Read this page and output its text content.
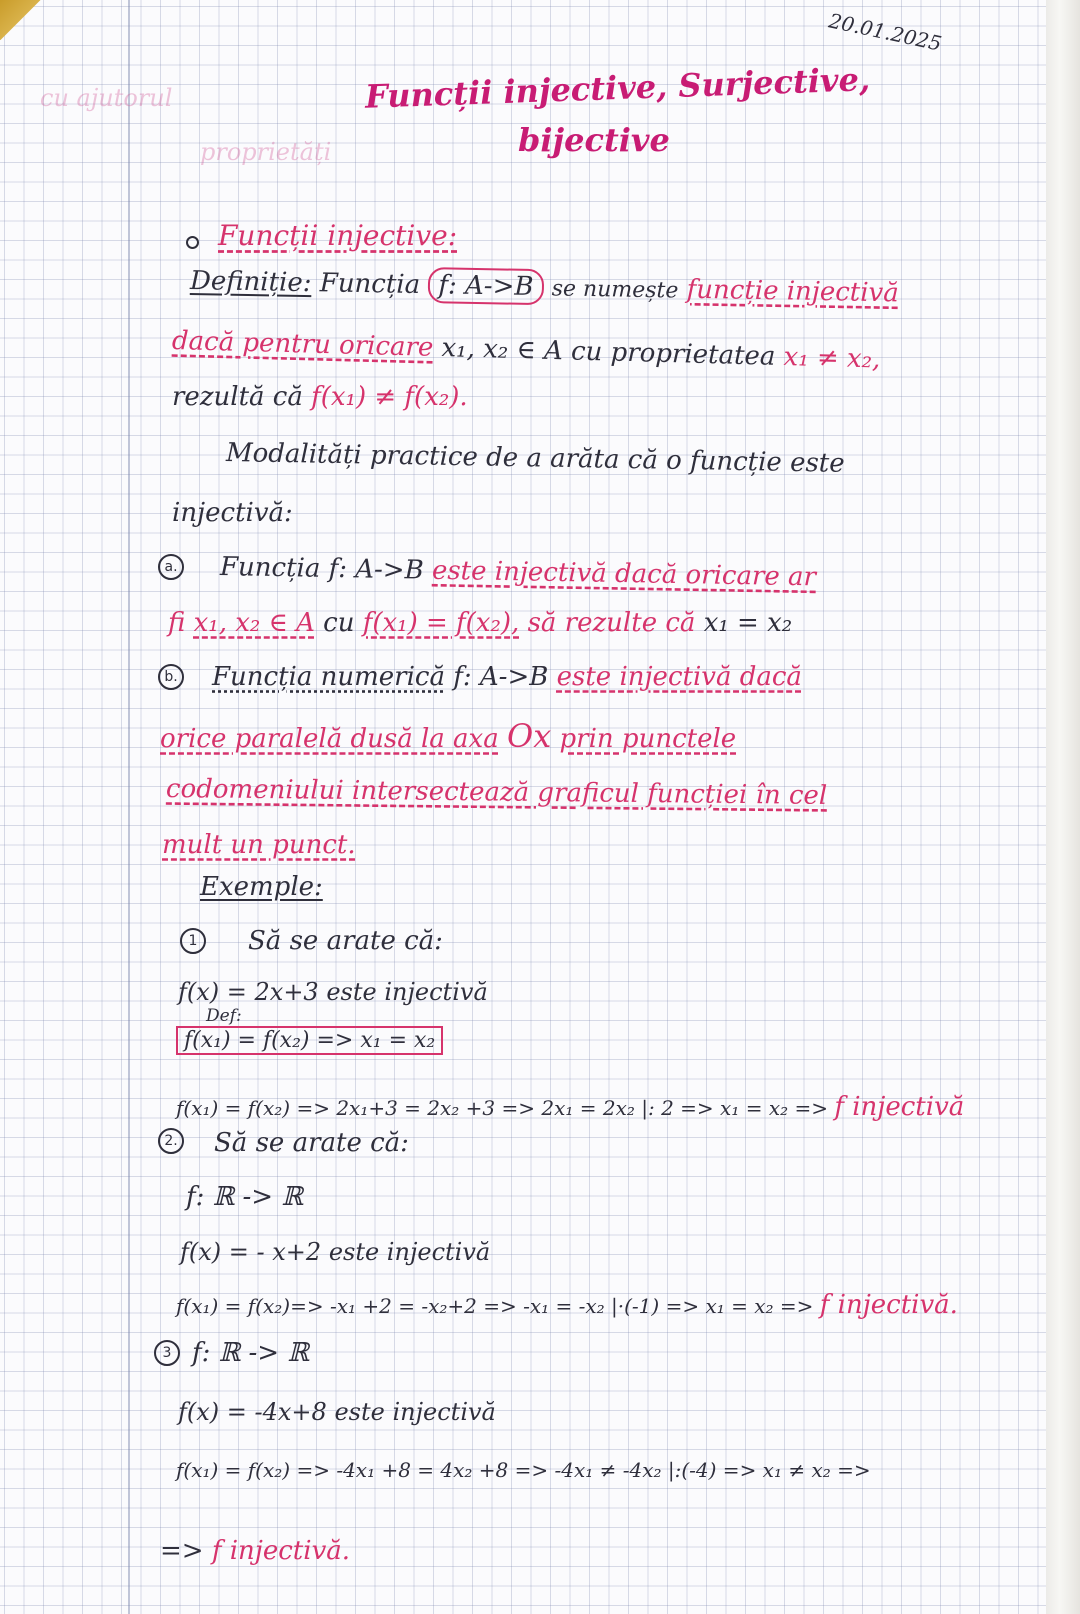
20.01.2025
cu ajutorul
proprietăți
Funcții injective, Surjective,
bijective
Funcții injective:
Definiție: Funcția f: A->B se numește funcție injectivă
dacă pentru oricare x₁, x₂ ∈ A cu proprietatea x₁ ≠ x₂,
rezultă că f(x₁) ≠ f(x₂).
Modalități practice de a arăta că o funcție este
injectivă:
a. Funcția f: A->B este injectivă dacă oricare ar
fi x₁, x₂ ∈ A cu f(x₁) = f(x₂), să rezulte că x₁ = x₂
b. Funcția numerică f: A->B este injectivă dacă
orice paralelă dusă la axa Ox prin punctele
codomeniului intersectează graficul funcției în cel
mult un punct.
Exemple:
1	Să se arate că:
f(x) = 2x+3 este injectivă
Def:
f(x₁) = f(x₂) => x₁ = x₂
f(x₁) = f(x₂) => 2x₁+3 = 2x₂ +3 => 2x₁ = 2x₂ |: 2 => x₁ = x₂ => f injectivă
2. Să se arate că:
f: ℝ -> ℝ
f(x) = - x+2 este injectivă
f(x₁) = f(x₂)=> -x₁ +2 = -x₂+2 => -x₁ = -x₂ |·(-1) => x₁ = x₂ => f injectivă.
3 f: ℝ -> ℝ
f(x) = -4x+8 este injectivă
f(x₁) = f(x₂) => -4x₁ +8 = 4x₂ +8 => -4x₁ ≠ -4x₂ |:(-4) => x₁ ≠ x₂ =>
=> f injectivă.
